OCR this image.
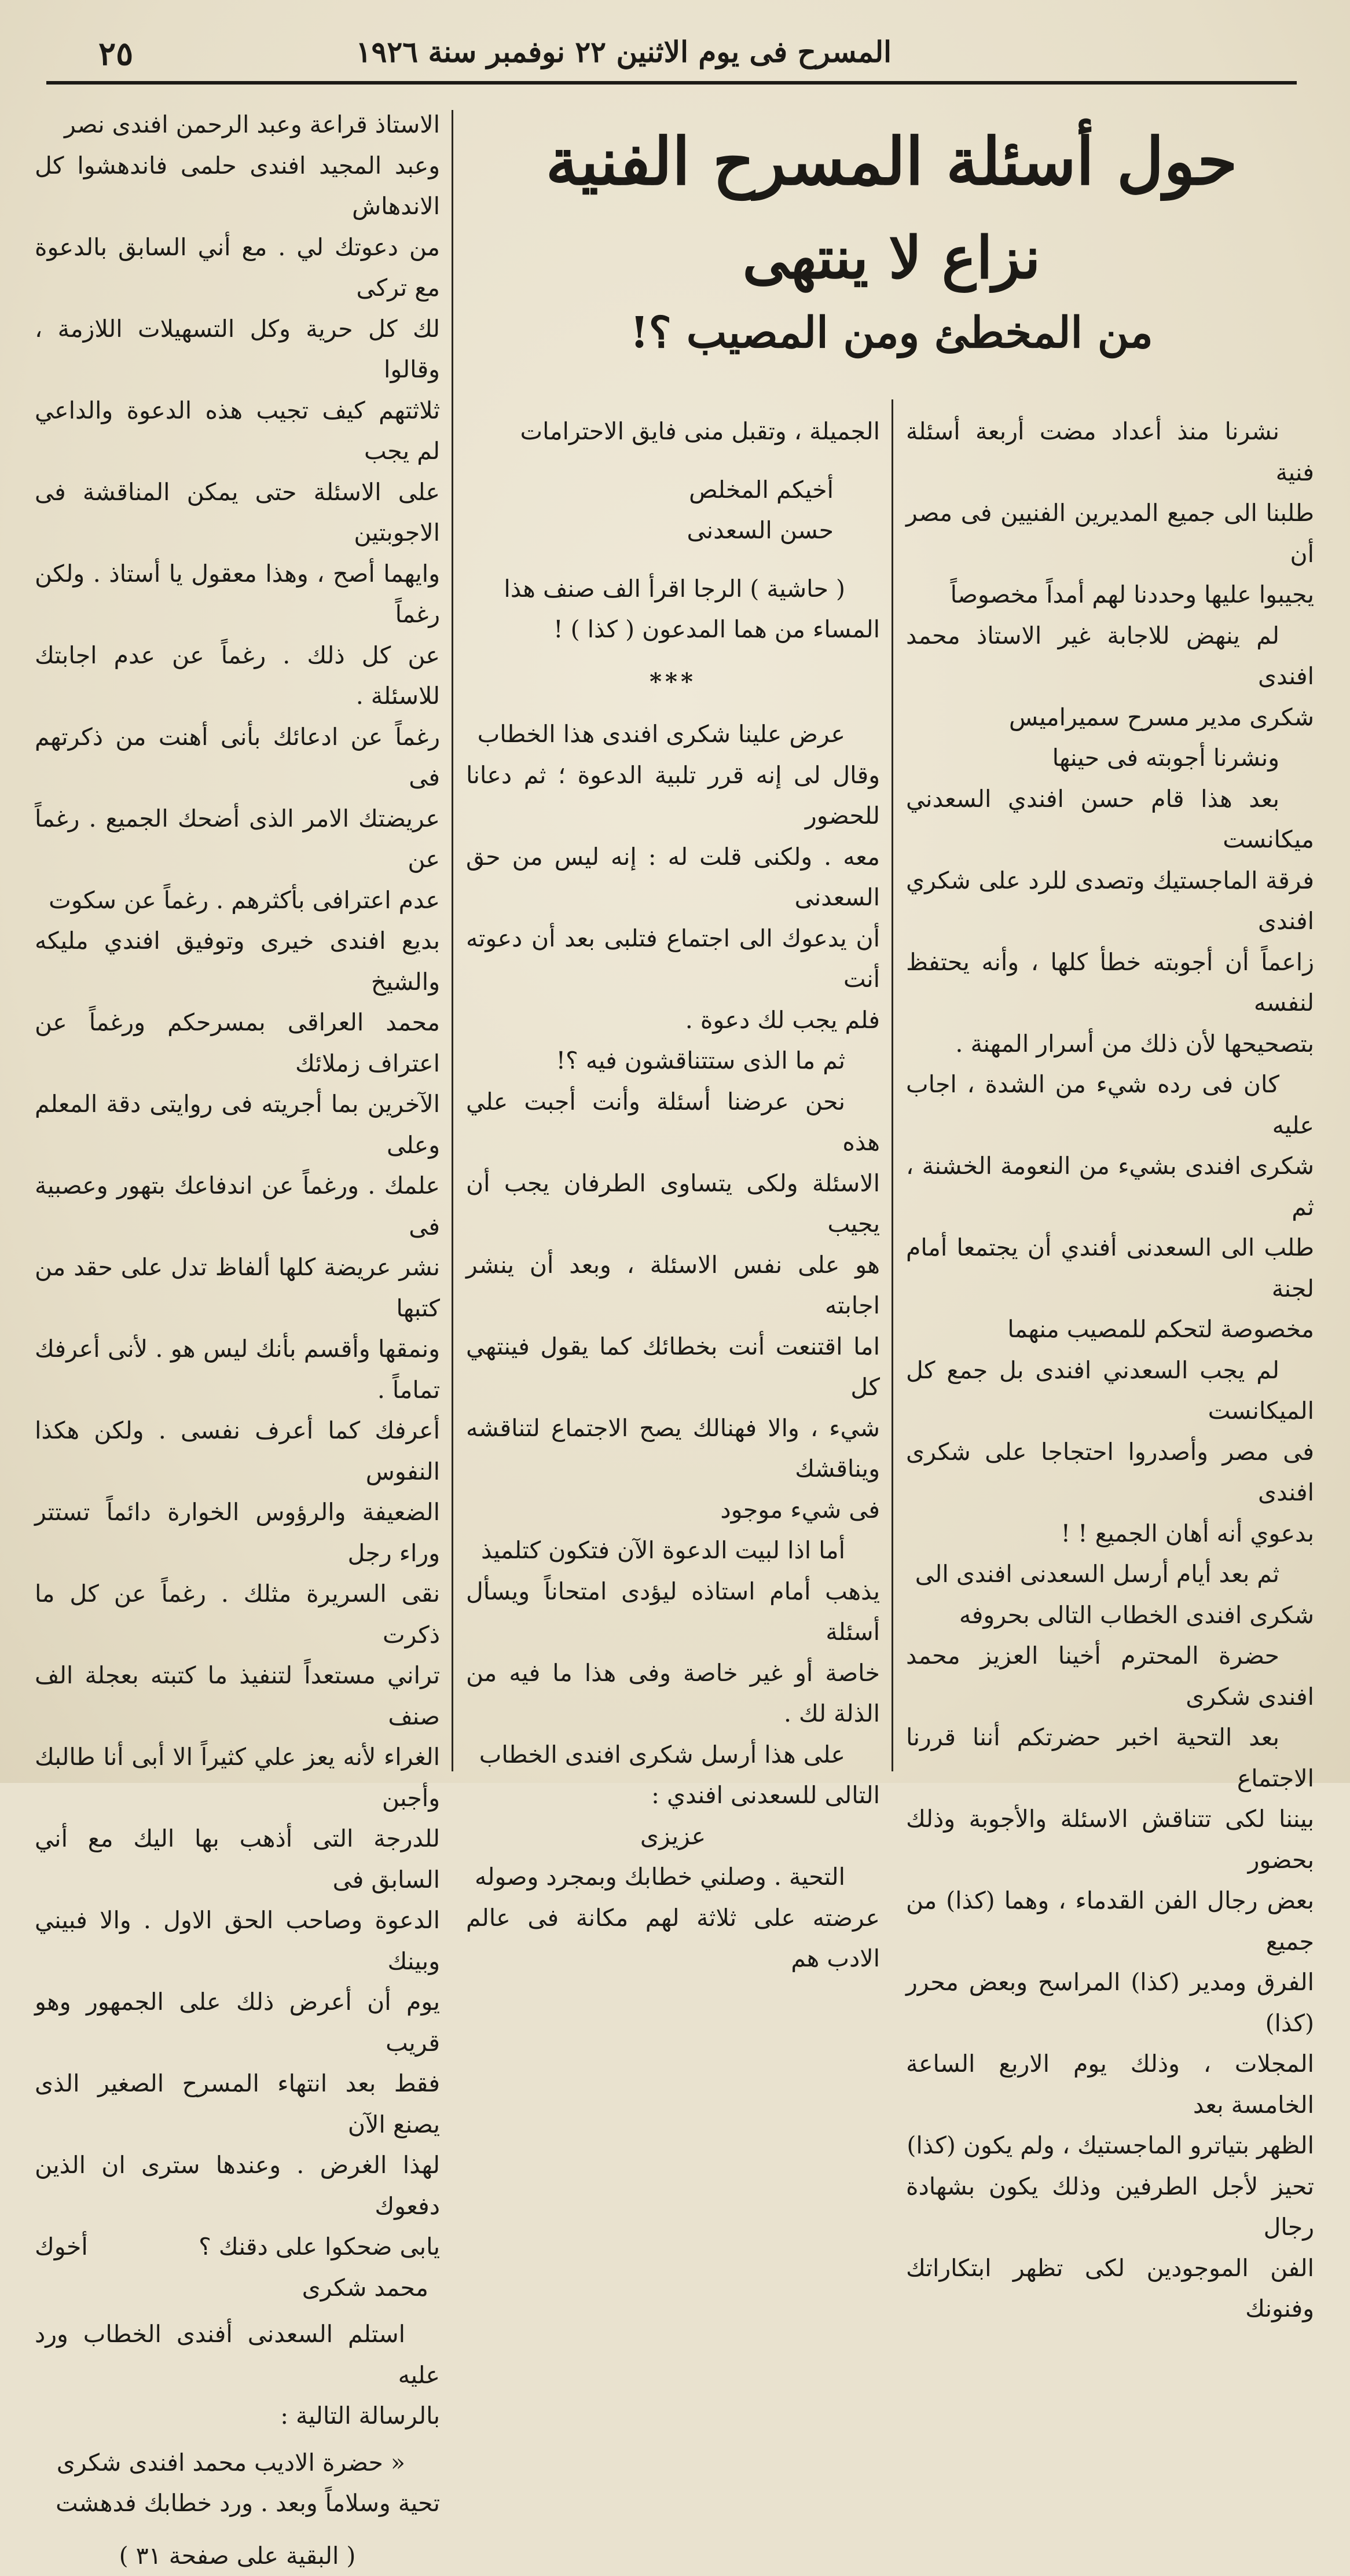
المسرح فى يوم الاثنين ٢٢ نوفمبر سنة ١٩٢٦
٢٥
حول أسئلة المسرح الفنية
نزاع لا ينتهى
من المخطئ ومن المصيب ؟!

نشرنا منذ أعداد مضت أربعة أسئلة فنية

طلبنا الى جميع المديرين الفنيين فى مصر أن

يجيبوا عليها وحددنا لهم أمداً مخصوصاً

لم ينهض للاجابة غير الاستاذ محمد افندى

شكرى مدير مسرح سميراميس

ونشرنا أجوبته فى حينها

بعد هذا قام حسن افندي السعدني ميكانست

فرقة الماجستيك وتصدى للرد على شكري افندى

زاعماً أن أجوبته خطأ كلها ، وأنه يحتفظ لنفسه

بتصحيحها لأن ذلك من أسرار المهنة .

كان فى رده شيء من الشدة ، اجاب عليه

شكرى افندى بشيء من النعومة الخشنة ، ثم

طلب الى السعدنى أفندي أن يجتمعا أمام لجنة

مخصوصة لتحكم للمصيب منهما

لم يجب السعدني افندى بل جمع كل الميكانست

فى مصر وأصدروا احتجاجا على شكرى افندى

بدعوي أنه أهان الجميع ! !

ثم بعد أيام أرسل السعدنى افندى الى

شكرى افندى الخطاب التالى بحروفه

حضرة المحترم أخينا العزيز محمد افندى شكرى

بعد التحية اخبر حضرتكم أننا قررنا الاجتماع

بيننا لكى تتناقش الاسئلة والأجوبة وذلك بحضور

بعض رجال الفن القدماء ، وهما (كذا) من جميع

الفرق ومدير (كذا) المراسح وبعض محرر (كذا)

المجلات ، وذلك يوم الاربع الساعة الخامسة بعد

الظهر بتياترو الماجستيك ، ولم يكون (كذا)

تحيز لأجل الطرفين وذلك يكون بشهادة رجال

الفن الموجودين لكى تظهر ابتكاراتك وفنونك

الجميلة ، وتقبل منى فايق الاحترامات

أخيكم المخلص

حسن السعدنى

( حاشية ) الرجا اقرأ الف صنف هذا

المساء من هما المدعون ( كذا ) !

***

عرض علينا شكرى افندى هذا الخطاب

وقال لى إنه قرر تلبية الدعوة ؛ ثم دعانا للحضور

معه . ولكنى قلت له : إنه ليس من حق السعدنى

أن يدعوك الى اجتماع فتلبى بعد أن دعوته أنت

فلم يجب لك دعوة .

ثم ما الذى ستتناقشون فيه ؟!

نحن عرضنا أسئلة وأنت أجبت علي هذه

الاسئلة ولكى يتساوى الطرفان يجب أن يجيب

هو على نفس الاسئلة ، وبعد أن ينشر اجابته

اما اقتنعت أنت بخطائك كما يقول فينتهي كل

شيء ، والا فهنالك يصح الاجتماع لتناقشه ويناقشك

فى شيء موجود

أما اذا لبيت الدعوة الآن فتكون كتلميذ

يذهب أمام استاذه ليؤدى امتحاناً ويسأل أسئلة

خاصة أو غير خاصة وفى هذا ما فيه من الذلة لك .

على هذا أرسل شكرى افندى الخطاب

التالى للسعدنى افندي :

عزيزى

التحية . وصلني خطابك وبمجرد وصوله

عرضته على ثلاثة لهم مكانة فى عالم الادب هم

الاستاذ قراعة وعبد الرحمن افندى نصر

وعبد المجيد افندى حلمى فاندهشوا كل الاندهاش

من دعوتك لي . مع أني السابق بالدعوة مع تركى

لك كل حرية وكل التسهيلات اللازمة ، وقالوا

ثلاثتهم كيف تجيب هذه الدعوة والداعي لم يجب

على الاسئلة حتى يمكن المناقشة فى الاجوبتين

وايهما أصح ، وهذا معقول يا أستاذ . ولكن رغماً

عن كل ذلك . رغماً عن عدم اجابتك للاسئلة .

رغماً عن ادعائك بأنى أهنت من ذكرتهم فى

عريضتك الامر الذى أضحك الجميع . رغماً عن

عدم اعترافى بأكثرهم . رغماً عن سكوت

بديع افندى خيرى وتوفيق افندي مليكه والشيخ

محمد العراقى بمسرحكم ورغماً عن اعتراف زملائك

الآخرين بما أجريته فى روايتى دقة المعلم وعلى

علمك . ورغماً عن اندفاعك بتهور وعصبية فى

نشر عريضة كلها ألفاظ تدل على حقد من كتبها

ونمقها وأقسم بأنك ليس هو . لأنى أعرفك تماماً .

أعرفك كما أعرف نفسى . ولكن هكذا النفوس

الضعيفة والرؤوس الخوارة دائماً تستتر وراء رجل

نقى السريرة مثلك . رغماً عن كل ما ذكرت

تراني مستعداً لتنفيذ ما كتبته بعجلة الف صنف

الغراء لأنه يعز علي كثيراً الا أبى أنا طالبك وأجبن

للدرجة التى أذهب بها اليك مع أني السابق فى

الدعوة وصاحب الحق الاول . والا فبيني وبينك

يوم أن أعرض ذلك على الجمهور وهو قريب

فقط بعد انتهاء المسرح الصغير الذى يصنع الآن

لهذا الغرض . وعندها سترى ان الذين دفعوك

يابى ضحكوا على دقنك ؟
أخوك

محمد شكرى

استلم السعدنى أفندى الخطاب ورد عليه

بالرسالة التالية :

« حضرة الاديب محمد افندى شكرى

تحية وسلاماً وبعد . ورد خطابك فدهشت

( البقية على صفحة ٣١ )
